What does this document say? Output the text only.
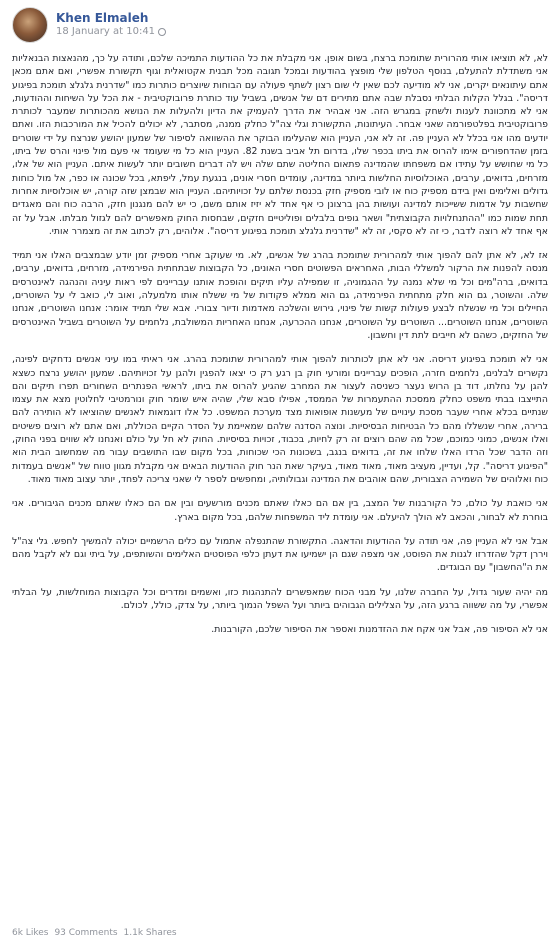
Khen Elmaleh
18 January at 10:41

לא, לא תוציאו אותי מהרורית שתומכת ברצח, בשום אופן. אני מקבלת את כל ההודעות התמיכה שלכם, ותודה על כך, מהנאצות הבנאליות אני משתדלת להתעלם, בנוסף הטלפון שלי מופצץ בהודעות ובמכל תגובה מכל תבנית אקטואלית וגוף תקשורת אפשרי, ואם אתם מכאן אתם עיתונאים יקרים, אני לא מודיעה לכם שאין לי שום רצון לשתף פעולה עם הבוחות שיוצרים כותרות כמו "שדרנית גלגלצ תומכת בפיגוע דריסה". בגלל הקלות הבלתי נסבלת שבה אתם מתירים דם של אנשים, בשביל עוד כותרת פרובוקטיבית - את הכל על השיחות וההודעות, אני לא מתכוונת לענות ולשחק במגרש הזה. אני אבהיר את הדרך להעמיק את הדיון ולהעלות את הנושא מהכותרות שמעבר לכותרת פרובוקטיבית בפלטפורמה שאני אבחר. העיתונות, התקשורת וגלי צה"ל כחלק ממנה, מסתבר, לא יכולים להכיל את המורכבות הזו. ואתם יודעים מהו אני בכלל לא העניין פה. זה לא אני, העניין הוא שהעלימו הבוקר את ההשוואה לסיפור של שמעון יהושע שנרצח על ידי שוטרים בזמן שהדחפורים אימו להרוס את ביתו בכפר שלו, בדרום תל אביב בשנת 82. העניין הוא כל מי שעומד אי פעם מול פינוי והרס של ביתו, כל מי שחושש על עתידו אם משפחתו שהמדינה פתאום החליטה שתם שלה ויש לה דברים חשובים יותר לעשות איתם. העניין הוא של אלו, מזרחים, בדואים, ערבים, האוכלוסיות החלשות ביותר במדינה, עומדים חסרי אונים, בנגעת עמל, ליפתא, בכל שכונה או כפר, אל מול כוחות גדולים ואלימים ואין בידם מספיק כוח או לובי מספיק חזק בכנסת שלתם על זכויותיהם. העניין הוא שבמצן שזה קורה, יש אוכלוסיות אחרות שחשבות על אדמות ששייכות למדינה ועושות בהן ברצונן כי אף אחד לא יזיז אותם משם, כי יש להם מנגנון חזק, הרבה כוח והם מאגדים תחת שמות כמו "ההתנחלויות הקבוצתית" ושאר גופים בלבלים ופוליטיים חזקים, שבחסות החוק מאפשרים להם לגזול מבלתו. אבל על זה אף אחד לא רוצה לדבר, כי זה לא סקסי, זה לא "שדרנית גלגלצ תומכת בפיגוע דריסה". אלוהים, רק לכתוב את זה מצמרר אותי.

אז לא, לא אתן להם להפוך אותי למהרורית שתומכת בהרג של אנשים, לא. מי שעוקב אחרי מספיק זמן יודע שבמצבים האלו אני תמיד מנסה להפנות את הרקור למשללי הבות, האחראים הפשוטים חסרי האונים, כל הקבוצות שבתחתית הפירמידה, מזרחים, בדואים, ערבים, בדואים, ברה"מים וכל מי שלא נמנה על ההגמוניה, זו שמפילה עליו תיקים והופכת אותנו עבריינים לפי ראות עיניה והנהגה לאינטרסים שלה. והשוטר, גם הוא חלק מתחתית הפירמידה, גם הוא ממלא פקודות של מי ששלח אותו מלמעלה, ואוב לי, כואב לי על השוטרים, החיילים וכל מי שנשלח לבצע פעולות קשות של פינוי, גירוש והשלכה מאדמות ודיור צבורי. אבא שלי תמיד אומר: אנחנו השוטרים, אנחנו השוטרים, אנחנו השוטרים... השוטרים על השוטרים, אנחנו ההכרעה, אנחנו האחריות המשולבת, נלחמים על השוטרים בשביל האינטרסים של החזקים, כשהם לא חייבים לתת דין וחשבון.

אני לא תומכת בפיגוע דריסה. אני לא אתן לכותרות להפוך אותי למהרורית שתומכת בהרג. אני ראיתי במו עיני אנשים נדחקים לפינה, נקשרים לבלנים, נלחמים חזרה, הופכים עבריינים ומורעי חוק בן רגע רק כי יצאו להפגין ולהגן על זכויותיהם. שמעון יהושע נרצח כשצא להגן על נחלתו, דוד בן הרוש נעצר כשניסה לעצור את המחרב שהגיע להרוס את ביתו, לראשי הפנתרים השחורים תפרו תיקים והם התייצבו בבתי משפט כחלק ממסכת ההתעמרות של הממסד, אפילו סבא שלי, שהיה איש שומר חוק ונורמטיבי לחלוטין מצא את עצמו שנתיים בכלא אחרי שעבר מסכת עינויים של מעשנות אופואות מצד מערכת המשפט. כל אלו דוגמאות לאנשים שהוציאו לא הותירה להם ברירה, אחרי שנשללו מהם כל הבטיחות הבסיסיות. ונוצה הסדנה שלהם שמאיימת על הסדר הקיים הכוללת, ואם אתם לא רוצים פשיטים ואלו אנשים, כמוני כמוכם, שכל מה שהם רוצים זה רק לחיות, בכבוד, זכויות בסיסיות. החוק לא חל על כולם ואנחנו לא שווים בפני החוק, וזה הדבר שכל הרדו האלו שלחו את זה, בדואים בנגב, בשכונות הכי שכוחות, בכל מקום שבו התושבים עבור מה שמחשוב הבית הוא "הפיגוע דריסה". קל, ועדיין, מעציב מאוד, מאוד מאוד, בעיקר שאת הנר חוק ההודעות הבאים אני מקבלת מגוון טווח של "אנשים בעמדות כוח ואלוהים של השמירה הצבורית, שהם אוהבים את המדינה וגבולותיה, ומחפשים לספר לי שאני צריכה לפחד, יותר עצוב מאוד מאוד.

אני כואבת על כולם, כל הקורבנות של המצב, בין אם הם כאלו שאתם מכנים מורשעים ובין אם הם כאלו שאתם מכנים הגיבורים. אני בוחרת לא לבחור, והכאב לא הולך להיעלם. אני עומדת ליד המשפחות שלהם, בכל מקום בארץ.

אבל אני לא העניין פה, אני תודה על ההודעות והדאגה. התקשורת שהתנפלה אתמול עם כלים הרשמיים יכולה להמשיך לחפש. גלי צה"ל ויררן דקל שהזדרזו לגנות את הפוסט, אני מצפה שגם הן ישמיעו את דעתן כלפי הפוסטים האלימים והשותפים, על ביתי וגם לא לקבל מהם את ה"החשבון" עם הבוגדים.

מה יהיה שעור גדול, על החברה שלנו, על מבני הכוח שמאפשרים להתנהגות כזו, ואשמים ומדרים וכל הקבוצות המוחלשות, על הבלתי אפשרי, על מה ששווה ברגע הזה, על הצלילים הגבוהים ביותר ועל השפל הנמוך ביותר, על צדק, כולל, לכולם.

אני לא הסיפור פה, אבל אני אקח את ההזדמנות ואספר את הסיפור שלכם, הקורבנות.

6k Likes 93 Comments 1.1k Shares
